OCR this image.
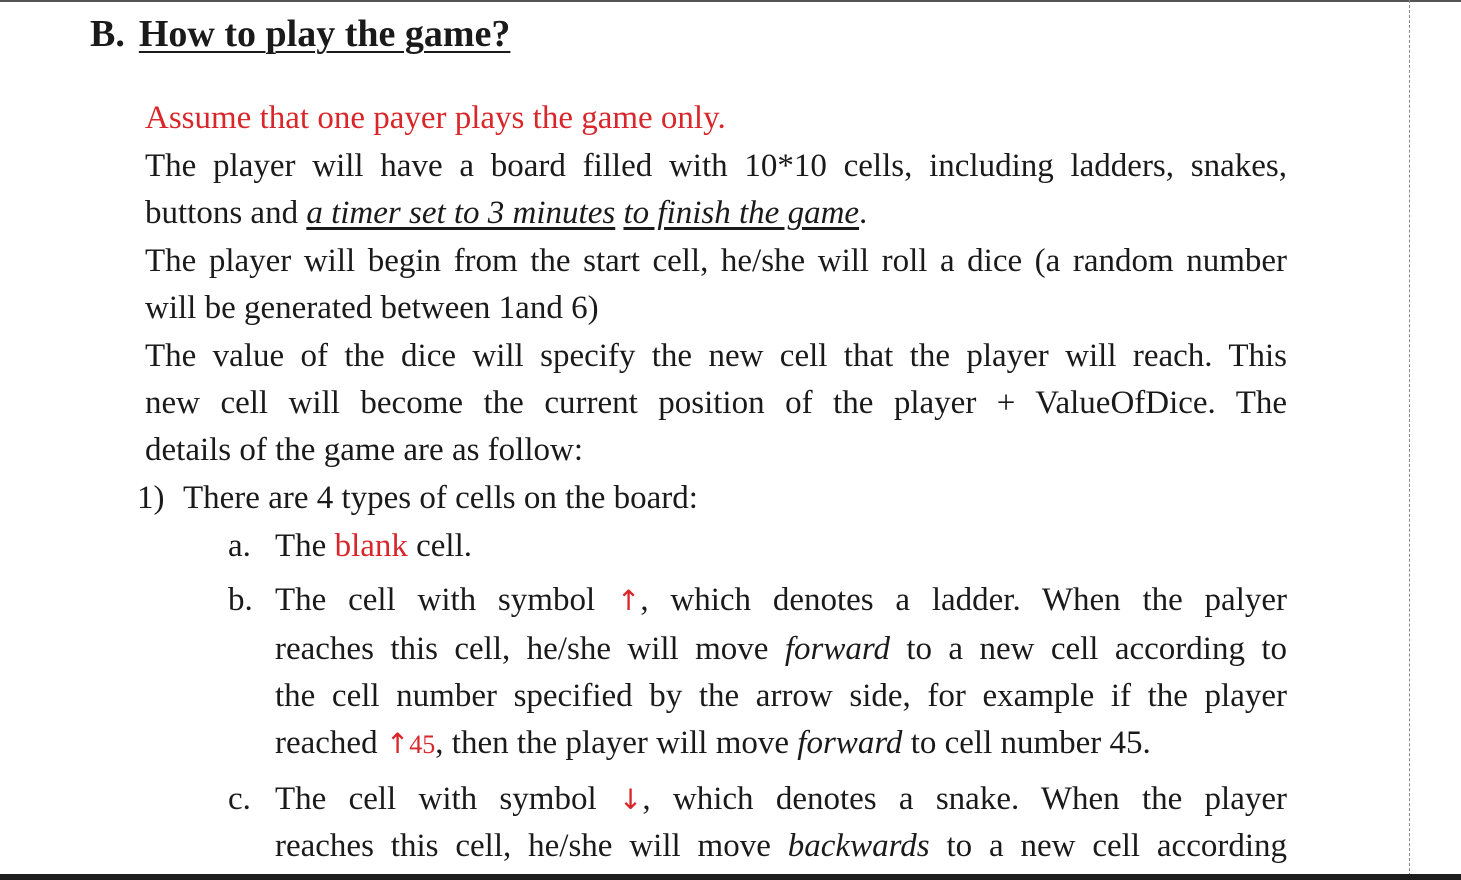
B. How to play the game?
Assume that one payer plays the game only.
The player will have a board filled with 10*10 cells, including ladders, snakes,
buttons and a timer set to 3 minutes to finish the game.
The player will begin from the start cell, he/she will roll a dice (a random number
will be generated between 1and 6)
The value of the dice will specify the new cell that the player will reach. This
new cell will become the current position of the player + ValueOfDice. The
details of the game are as follow:
1) There are 4 types of cells on the board:
a. The blank cell.
b. The cell with symbol ↑, which denotes a ladder. When the palyer
reaches this cell, he/she will move forward to a new cell according to
the cell number specified by the arrow side, for example if the player
reached ↑45, then the player will move forward to cell number 45.
c. The cell with symbol ↓, which denotes a snake. When the player
reaches this cell, he/she will move backwards to a new cell according
